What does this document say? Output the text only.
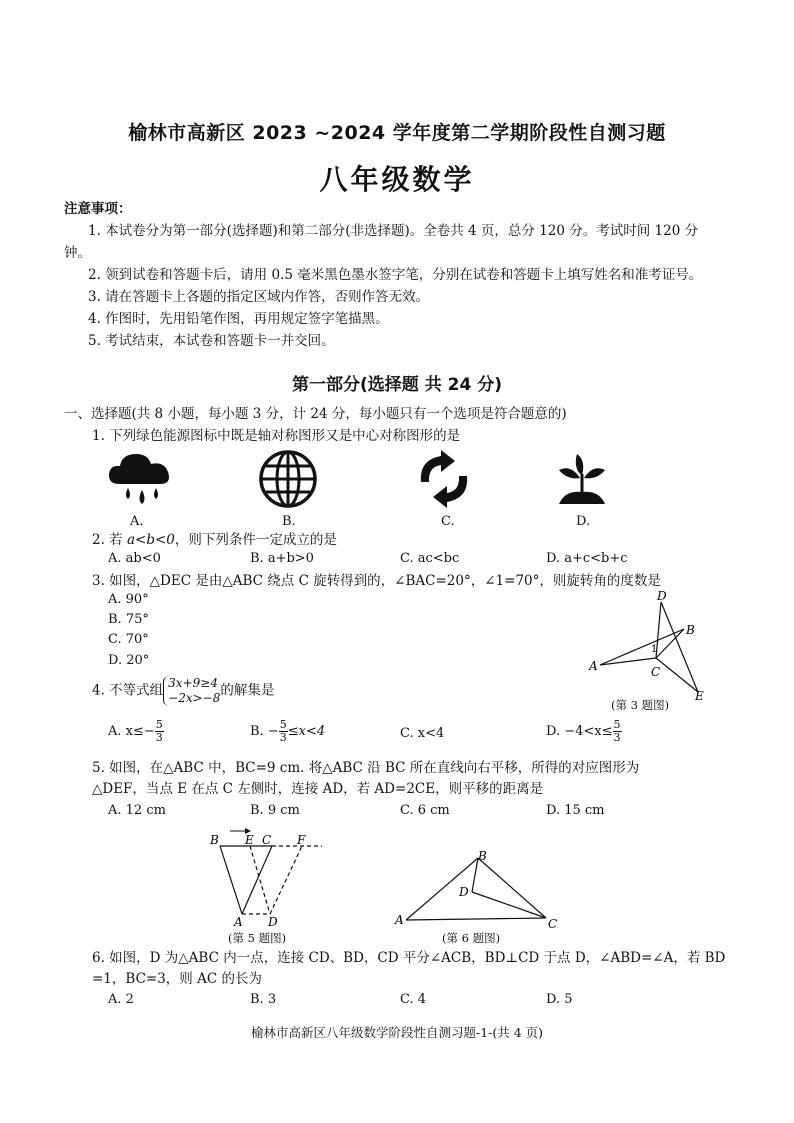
榆林市高新区 2023 ~2024 学年度第二学期阶段性自测习题
八年级数学
注意事项：
1. 本试卷分为第一部分(选择题)和第二部分(非选择题)。全卷共 4 页，总分 120 分。考试时间 120 分钟。
2. 领到试卷和答题卡后，请用 0.5 毫米黑色墨水签字笔，分别在试卷和答题卡上填写姓名和准考证号。
3. 请在答题卡上各题的指定区域内作答，否则作答无效。
4. 作图时，先用铅笔作图，再用规定签字笔描黑。
5. 考试结束，本试卷和答题卡一并交回。
第一部分(选择题 共 24 分)
一、选择题(共 8 小题，每小题 3 分，计 24 分，每小题只有一个选项是符合题意的)
1. 下列绿色能源图标中既是轴对称图形又是中心对称图形的是
A.	B.	C.	D.
2. 若 a<b<0，则下列条件一定成立的是
A. ab<0	B. a+b>0	C. ac<bc	D. a+c<b+c
3. 如图，△DEC 是由△ABC 绕点 C 旋转得到的，∠BAC=20°，∠1=70°，则旋转角的度数是
A. 90°
B. 75°
C. 70°
D. 20°
D
B
A	C
E
1
(第 3 题图)
4. 不等式组 3x+9≥4
−2x>−8 的解集是
A. $x\le- \frac{5}{3}$	B. − $\frac{5}{3} \le x<4$	C. x<4	D. $-4<x\le \frac{5}{3}$
5. 如图，在△ABC 中，BC=9 cm. 将△ABC 沿 BC 所在直线向右平移，所得的对应图形为
△DEF，当点 E 在点 C 左侧时，连接 AD，若 AD=2CE，则平移的距离是
A. 12 cm	B. 9 cm	C. 6 cm	D. 15 cm
B E C F
A D
(第 5 题图)
B
D
A	C
(第 6 题图)
6. 如图，D 为△ABC 内一点，连接 CD、BD，CD 平分∠ACB，BD⊥CD 于点 D，∠ABD=∠A，若 BD
=1，BC=3，则 AC 的长为
A. 2	B. 3	C. 4	D. 5
榆林市高新区八年级数学阶段性自测习题-1-(共 4 页)
